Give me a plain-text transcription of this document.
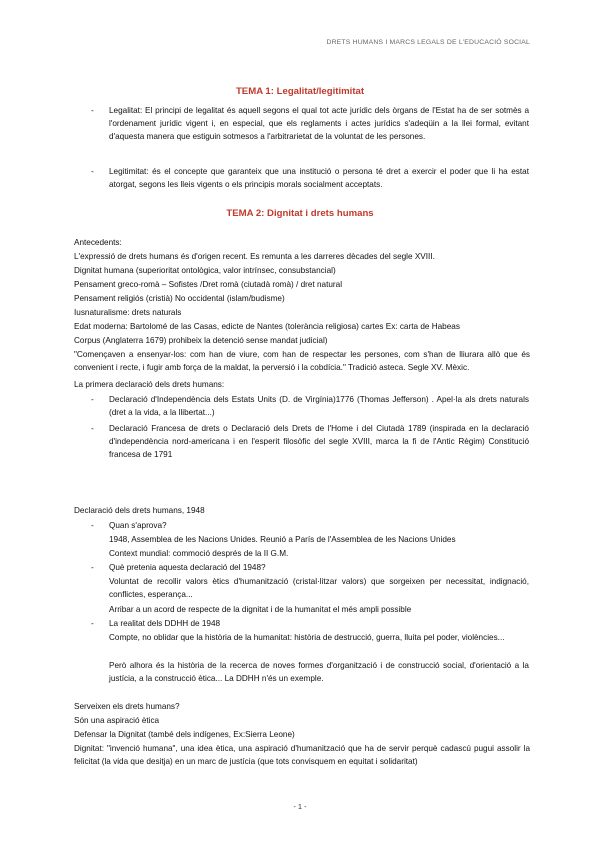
DRETS HUMANS I MARCS LEGALS DE L'EDUCACIÓ SOCIAL
TEMA 1: Legalitat/legitimitat
- Legalitat: El principi de legalitat és aquell segons el qual tot acte jurídic dels òrgans de l'Estat ha de ser sotmès a l'ordenament jurídic vigent i, en especial, que els reglaments i actes jurídics s'adeqüin a la llei formal, evitant d'aquesta manera que estiguin sotmesos a l'arbitrarietat de la voluntat de les persones.
- Legitimitat: és el concepte que garanteix que una institució o persona té dret a exercir el poder que li ha estat atorgat, segons les lleis vigents o els principis morals socialment acceptats.
TEMA 2: Dignitat i drets humans
Antecedents:
L'expressió de drets humans és d'origen recent. Es remunta a les darreres dècades del segle XVIII.
Dignitat humana (superioritat ontològica, valor intrínsec, consubstancial)
Pensament greco-romà – Sofistes /Dret romà (ciutadà romà) / dret natural
Pensament religiós (cristià) No occidental (islam/budisme)
Iusnaturalisme: drets naturals
Edat moderna: Bartolomé de las Casas, edicte de Nantes (tolerància religiosa) cartes Ex: carta de Habeas
Corpus (Anglaterra 1679) prohibeix la detenció sense mandat judicial)
"Començaven a ensenyar-los: com han de viure, com han de respectar les persones, com s'han de lliurara allò que és convenient i recte, i fugir amb força de la maldat, la perversió i la cobdícia." Tradició asteca. Segle XV. Mèxic.
La primera declaració dels drets humans:
- Declaració d'Independència dels Estats Units (D. de Virgínia)1776 (Thomas Jefferson) . Apel·la als drets naturals (dret a la vida, a la llibertat...)
- Declaració Francesa de drets o Declaració dels Drets de l'Home i del Ciutadà 1789 (inspirada en la declaració d'independència nord-americana i en l'esperit filosòfic del segle XVIII, marca la fi de l'Antic Règim) Constitució francesa de 1791
Declaració dels drets humans, 1948
- Quan s'aprova?
1948, Assemblea de les Nacions Unides. Reunió a París de l'Assemblea de les Nacions Unides
Context mundial: commoció després de la II G.M.
- Què pretenia aquesta declaració del 1948?
Voluntat de recollir valors ètics d'humanització (cristal·litzar valors) que sorgeixen per necessitat, indignació, conflictes, esperança...
Arribar a un acord de respecte de la dignitat i de la humanitat el més ampli possible
- La realitat dels DDHH de 1948
Compte, no oblidar que la història de la humanitat: història de destrucció, guerra, lluita pel poder, violències...
Però alhora és la història de la recerca de noves formes d'organització i de construcció social, d'orientació a la justícia, a la construcció ètica... La DDHH n'és un exemple.
Serveixen els drets humans?
Són una aspiració ètica
Defensar la Dignitat (també dels indígenes, Ex:Sierra Leone)
Dignitat: "invenció humana", una idea ètica, una aspiració d'humanització que ha de servir perquè cadascú pugui assolir la felicitat (la vida que desitja) en un marc de justícia (que tots convisquem en equitat i solidaritat)
- 1 -
